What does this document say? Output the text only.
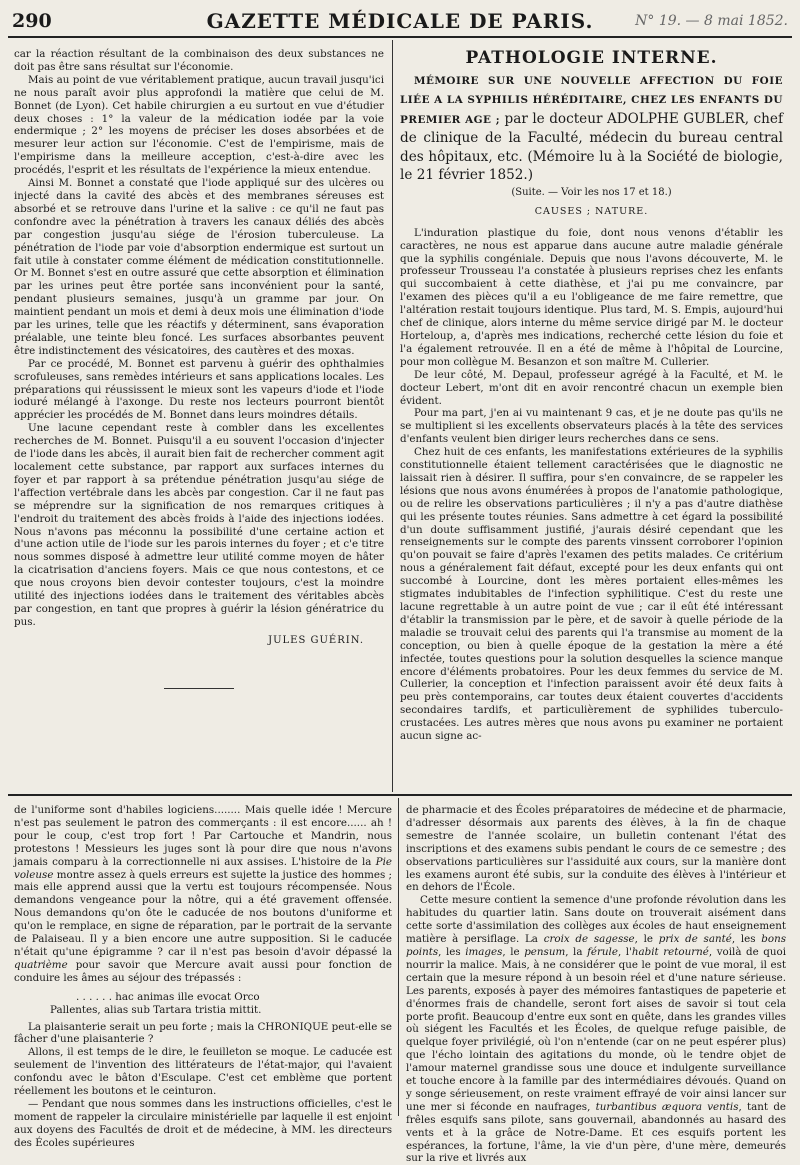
290	GAZETTE MÉDICALE DE PARIS.	N° 19. — 8 mai 1852.

car la réaction résultant de la combinaison des deux substances ne doit pas être sans résultat sur l'économie.

Mais au point de vue véritablement pratique, aucun travail jusqu'ici ne nous paraît avoir plus approfondi la matière que celui de M. Bonnet (de Lyon). Cet habile chirurgien a eu surtout en vue d'étudier deux choses : 1° la valeur de la médication iodée par la voie endermique ; 2° les moyens de préciser les doses absorbées et de mesurer leur action sur l'économie. C'est de l'empirisme, mais de l'empirisme dans la meilleure acception, c'est-à-dire avec les procédés, l'esprit et les résultats de l'expérience la mieux entendue.

Ainsi M. Bonnet a constaté que l'iode appliqué sur des ulcères ou injecté dans la cavité des abcès et des membranes séreuses est absorbé et se retrouve dans l'urine et la salive : ce qu'il ne faut pas confondre avec la pénétration à travers les canaux déliés des abcès par congestion jusqu'au siége de l'érosion tuberculeuse. La pénétration de l'iode par voie d'absorption endermique est surtout un fait utile à constater comme élément de médication constitutionnelle. Or M. Bonnet s'est en outre assuré que cette absorption et élimination par les urines peut être portée sans inconvénient pour la santé, pendant plusieurs semaines, jusqu'à un gramme par jour. On maintient pendant un mois et demi à deux mois une élimination d'iode par les urines, telle que les réactifs y déterminent, sans évaporation préalable, une teinte bleu foncé. Les surfaces absorbantes peuvent être indistinctement des vésicatoires, des cautères et des moxas.

Par ce procédé, M. Bonnet est parvenu à guérir des ophthalmies scrofuleuses, sans remèdes intérieurs et sans applications locales. Les préparations qui réussissent le mieux sont les vapeurs d'iode et l'iode ioduré mélangé à l'axonge. Du reste nos lecteurs pourront bientôt apprécier les procédés de M. Bonnet dans leurs moindres détails.

Une lacune cependant reste à combler dans les excellentes recherches de M. Bonnet. Puisqu'il a eu souvent l'occasion d'injecter de l'iode dans les abcès, il aurait bien fait de rechercher comment agit localement cette substance, par rapport aux surfaces internes du foyer et par rapport à sa prétendue pénétration jusqu'au siége de l'affection vertébrale dans les abcès par congestion. Car il ne faut pas se méprendre sur la signification de nos remarques critiques à l'endroit du traitement des abcès froids à l'aide des injections iodées. Nous n'avons pas méconnu la possibilité d'une certaine action et d'une action utile de l'iode sur les parois internes du foyer ; et c'e titre nous sommes disposé à admettre leur utilité comme moyen de hâter la cicatrisation d'anciens foyers. Mais ce que nous contestons, et ce que nous croyons bien devoir contester toujours, c'est la moindre utilité des injections iodées dans le traitement des véritables abcès par congestion, en tant que propres à guérir la lésion génératrice du pus.

JULES GUÉRIN.
PATHOLOGIE INTERNE.

MÉMOIRE SUR UNE NOUVELLE AFFECTION DU FOIE LIÉE A LA SYPHILIS HÉRÉDITAIRE, CHEZ LES ENFANTS DU PREMIER AGE ; par le docteur ADOLPHE GUBLER, chef de clinique de la Faculté, médecin du bureau central des hôpitaux, etc. (Mémoire lu à la Société de biologie, le 21 février 1852.)

(Suite. — Voir les nos 17 et 18.)
CAUSES ; NATURE.

L'induration plastique du foie, dont nous venons d'établir les caractères, ne nous est apparue dans aucune autre maladie générale que la syphilis congéniale. Depuis que nous l'avons découverte, M. le professeur Trousseau l'a constatée à plusieurs reprises chez les enfants qui succombaient à cette diathèse, et j'ai pu me convaincre, par l'examen des pièces qu'il a eu l'obligeance de me faire remettre, que l'altération restait toujours identique. Plus tard, M. S. Empis, aujourd'hui chef de clinique, alors interne du même service dirigé par M. le docteur Horteloup, a, d'après mes indications, recherché cette lésion du foie et l'a également retrouvée. Il en a été de même à l'hôpital de Lourcine, pour mon collègue M. Besanzon et son maître M. Cullerier.

De leur côté, M. Depaul, professeur agrégé à la Faculté, et M. le docteur Lebert, m'ont dit en avoir rencontré chacun un exemple bien évident.

Pour ma part, j'en ai vu maintenant 9 cas, et je ne doute pas qu'ils ne se multiplient si les excellents observateurs placés à la tête des services d'enfants veulent bien diriger leurs recherches dans ce sens.

Chez huit de ces enfants, les manifestations extérieures de la syphilis constitutionnelle étaient tellement caractérisées que le diagnostic ne laissait rien à désirer. Il suffira, pour s'en convaincre, de se rappeler les lésions que nous avons énumérées à propos de l'anatomie pathologique, ou de relire les observations particulières ; il n'y a pas d'autre diathèse qui les présente toutes réunies. Sans admettre à cet égard la possibilité d'un doute suffisamment justifié, j'aurais désiré cependant que les renseignements sur le compte des parents vinssent corroborer l'opinion qu'on pouvait se faire d'après l'examen des petits malades. Ce critérium nous a généralement fait défaut, excepté pour les deux enfants qui ont succombé à Lourcine, dont les mères portaient elles-mêmes les stigmates indubitables de l'infection syphilitique. C'est du reste une lacune regrettable à un autre point de vue ; car il eût été intéressant d'établir la transmission par le père, et de savoir à quelle période de la maladie se trouvait celui des parents qui l'a transmise au moment de la conception, ou bien à quelle époque de la gestation la mère a été infectée, toutes questions pour la solution desquelles la science manque encore d'éléments probatoires. Pour les deux femmes du service de M. Cullerier, la conception et l'infection paraissent avoir été deux faits à peu près contemporains, car toutes deux étaient couvertes d'accidents secondaires tardifs, et particulièrement de syphilides tuberculo-crustacées. Les autres mères que nous avons pu examiner ne portaient aucun signe ac-

de l'uniforme sont d'habiles logiciens........ Mais quelle idée ! Mercure n'est pas seulement le patron des commerçants : il est encore...... ah ! pour le coup, c'est trop fort ! Par Cartouche et Mandrin, nous protestons ! Messieurs les juges sont là pour dire que nous n'avons jamais comparu à la correctionnelle ni aux assises. L'histoire de la Pie voleuse montre assez à quels erreurs est sujette la justice des hommes ; mais elle apprend aussi que la vertu est toujours récompensée. Nous demandons vengeance pour la nôtre, qui a été gravement offensée. Nous demandons qu'on ôte le caducée de nos boutons d'uniforme et qu'on le remplace, en signe de réparation, par le portrait de la servante de Palaiseau. Il y a bien encore une autre supposition. Si le caducée n'était qu'une épigramme ? car il n'est pas besoin d'avoir dépassé la quatrième pour savoir que Mercure avait aussi pour fonction de conduire les âmes au séjour des trépassés :

. . . . . . hac animas ille evocat Orco
Pallentes, alias sub Tartara tristia mittit.

La plaisanterie serait un peu forte ; mais la CHRONIQUE peut-elle se fâcher d'une plaisanterie ?

Allons, il est temps de le dire, le feuilleton se moque. Le caducée est seulement de l'invention des littérateurs de l'état-major, qui l'avaient confondu avec le bâton d'Esculape. C'est cet emblème que portent réellement les boutons et le ceinturon.

— Pendant que nous sommes dans les instructions officielles, c'est le moment de rappeler la circulaire ministérielle par laquelle il est enjoint aux doyens des Facultés de droit et de médecine, à MM. les directeurs des Écoles supérieures

de pharmacie et des Écoles préparatoires de médecine et de pharmacie, d'adresser désormais aux parents des élèves, à la fin de chaque semestre de l'année scolaire, un bulletin contenant l'état des inscriptions et des examens subis pendant le cours de ce semestre ; des observations particulières sur l'assiduité aux cours, sur la manière dont les examens auront été subis, sur la conduite des élèves à l'intérieur et en dehors de l'École.

Cette mesure contient la semence d'une profonde révolution dans les habitudes du quartier latin. Sans doute on trouverait aisément dans cette sorte d'assimilation des collèges aux écoles de haut enseignement matière à persiflage. La croix de sagesse, le prix de santé, les bons points, les images, le pensum, la férule, l'habit retourné, voilà de quoi nourrir la malice. Mais, à ne considérer que le point de vue moral, il est certain que la mesure répond à un besoin réel et d'une nature sérieuse. Les parents, exposés à payer des mémoires fantastiques de papeterie et d'énormes frais de chandelle, seront fort aises de savoir si tout cela porte profit. Beaucoup d'entre eux sont en quête, dans les grandes villes où siégent les Facultés et les Écoles, de quelque refuge paisible, de quelque foyer privilégié, où l'on n'entende (car on ne peut espérer plus) que l'écho lointain des agitations du monde, où le tendre objet de l'amour maternel grandisse sous une douce et indulgente surveillance et touche encore à la famille par des intermédiaires dévoués. Quand on y songe sérieusement, on reste vraiment effrayé de voir ainsi lancer sur une mer si féconde en naufrages, turbantibus æquora ventis, tant de frêles esquifs sans pilote, sans gouvernail, abandonnés au hasard des vents et à la grâce de Notre-Dame. Et ces esquifs portent les espérances, la fortune, l'âme, la vie d'un père, d'une mère, demeurés sur la rive et livrés aux
